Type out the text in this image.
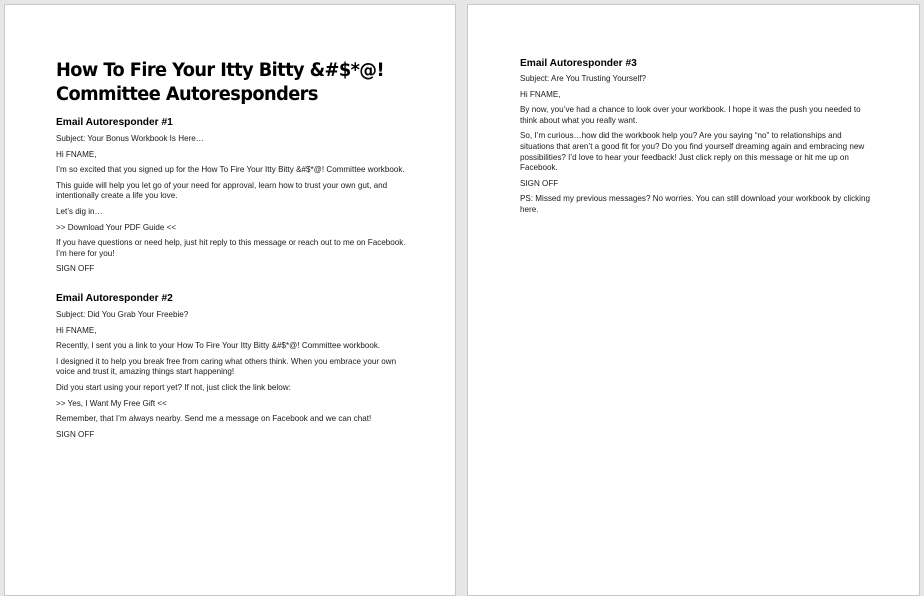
How To Fire Your Itty Bitty &#$*@!
Committee Autoresponders
Email Autoresponder #1

Subject: Your Bonus Workbook Is Here…

Hi FNAME,

I’m so excited that you signed up for the How To Fire Your Itty Bitty &#$*@! Committee workbook.

This guide will help you let go of your need for approval, learn how to trust your own gut, and intentionally create a life you love.

Let’s dig in…

>> Download Your PDF Guide <<

If you have questions or need help, just hit reply to this message or reach out to me on Facebook. I’m here for you!

SIGN OFF

Email Autoresponder #2

Subject: Did You Grab Your Freebie?

Hi FNAME,

Recently, I sent you a link to your How To Fire Your Itty Bitty &#$*@! Committee workbook.

I designed it to help you break free from caring what others think. When you embrace your own voice and trust it, amazing things start happening!

Did you start using your report yet? If not, just click the link below:

>> Yes, I Want My Free Gift <<

Remember, that I’m always nearby. Send me a message on Facebook and we can chat!

SIGN OFF

Email Autoresponder #3

Subject: Are You Trusting Yourself?

Hi FNAME,

By now, you’ve had a chance to look over your workbook. I hope it was the push you needed to think about what you really want.

So, I’m curious…how did the workbook help you? Are you saying “no” to relationships and situations that aren’t a good fit for you? Do you find yourself dreaming again and embracing new possibilities? I’d love to hear your feedback! Just click reply on this message or hit me up on Facebook.

SIGN OFF

PS: Missed my previous messages? No worries. You can still download your workbook by clicking here.
